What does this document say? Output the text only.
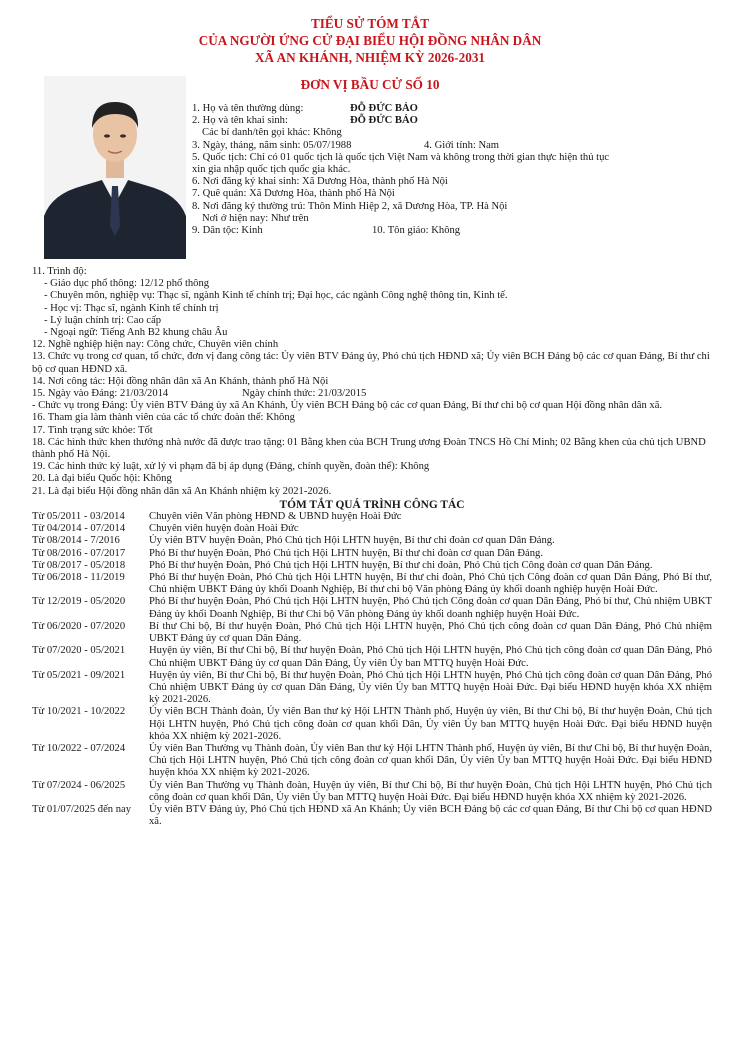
TIỂU SỬ TÓM TẮT
CỦA NGƯỜI ỨNG CỬ ĐẠI BIỂU HỘI ĐỒNG NHÂN DÂN
XÃ AN KHÁNH, NHIỆM KỲ 2026-2031
ĐƠN VỊ BẦU CỬ SỐ 10
1. Họ và tên thường dùng:	ĐỖ ĐỨC BẢO
2. Họ và tên khai sinh:	ĐỖ ĐỨC BẢO
Các bí danh/tên gọi khác: Không
3. Ngày, tháng, năm sinh: 05/07/1988	4. Giới tính: Nam
5. Quốc tịch: Chỉ có 01 quốc tịch là quốc tịch Việt Nam và không trong thời gian thực hiện thủ tục
xin gia nhập quốc tịch quốc gia khác.
6. Nơi đăng ký khai sinh: Xã Dương Hòa, thành phố Hà Nội
7. Quê quán: Xã Dương Hòa, thành phố Hà Nội
8. Nơi đăng ký thường trú: Thôn Minh Hiệp 2, xã Dương Hòa, TP. Hà Nội
Nơi ở hiện nay: Như trên
9. Dân tộc: Kinh	10. Tôn giáo: Không

11. Trình độ:

- Giáo dục phổ thông: 12/12 phổ thông

- Chuyên môn, nghiệp vụ: Thạc sĩ, ngành Kinh tế chính trị; Đại học, các ngành Công nghệ thông tin, Kinh tế.

- Học vị: Thạc sĩ, ngành Kinh tế chính trị

- Lý luận chính trị: Cao cấp

- Ngoại ngữ: Tiếng Anh B2 khung châu Âu

12. Nghề nghiệp hiện nay: Công chức, Chuyên viên chính

13. Chức vụ trong cơ quan, tổ chức, đơn vị đang công tác: Ủy viên BTV Đảng ủy, Phó chủ tịch HĐND xã; Ủy viên BCH Đảng bộ các cơ quan Đảng, Bí thư chi bộ cơ quan HĐND xã.

14. Nơi công tác: Hội đồng nhân dân xã An Khánh, thành phố Hà Nội

15. Ngày vào Đảng: 21/03/2014	Ngày chính thức: 21/03/2015

- Chức vụ trong Đảng: Ủy viên BTV Đảng ủy xã An Khánh, Ủy viên BCH Đảng bộ các cơ quan Đảng, Bí thư chi bộ cơ quan Hội đồng nhân dân xã.

16. Tham gia làm thành viên của các tổ chức đoàn thể: Không

17. Tình trạng sức khỏe: Tốt

18. Các hình thức khen thưởng nhà nước đã được trao tặng: 01 Bằng khen của BCH Trung ương Đoàn TNCS Hồ Chí Minh; 02 Bằng khen của chủ tịch UBND thành phố Hà Nội.

19. Các hình thức kỷ luật, xử lý vi phạm đã bị áp dụng (Đảng, chính quyền, đoàn thể): Không

20. Là đại biểu Quốc hội: Không

21. Là đại biểu Hội đồng nhân dân xã An Khánh nhiệm kỳ 2021-2026.

TÓM TẮT QUÁ TRÌNH CÔNG TÁC
Từ 05/2011 - 03/2014	Chuyên viên Văn phòng HĐND & UBND huyện Hoài Đức
Từ 04/2014 - 07/2014	Chuyên viên huyện đoàn Hoài Đức
Từ 08/2014 - 7/2016	Ủy viên BTV huyện Đoàn, Phó Chủ tịch Hội LHTN huyện, Bí thư chi đoàn cơ quan Dân Đảng.
Từ 08/2016 - 07/2017	Phó Bí thư huyện Đoàn, Phó Chủ tịch Hội LHTN huyện, Bí thư chi đoàn cơ quan Dân Đảng.
Từ 08/2017 - 05/2018	Phó Bí thư huyện Đoàn, Phó Chủ tịch Hội LHTN huyện, Bí thư chi đoàn, Phó Chủ tịch Công đoàn cơ quan Dân Đảng.
Từ 06/2018 - 11/2019	Phó Bí thư huyện Đoàn, Phó Chủ tịch Hội LHTN huyện, Bí thư chi đoàn, Phó Chủ tịch Công đoàn cơ quan Dân Đảng, Phó Bí thư, Chủ nhiệm UBKT Đảng ủy khối Doanh Nghiệp, Bí thư chi bộ Văn phòng Đảng ủy khối doanh nghiệp huyện Hoài Đức.
Từ 12/2019 - 05/2020	Phó Bí thư huyện Đoàn, Phó Chủ tịch Hội LHTN huyện, Phó Chủ tịch Công đoàn cơ quan Dân Đảng, Phó bí thư, Chủ nhiệm UBKT Đảng ủy khối Doanh Nghiệp, Bí thư Chi bộ Văn phòng Đảng ủy khối doanh nghiệp huyện Hoài Đức.
Từ 06/2020 - 07/2020	Bí thư Chi bộ, Bí thư huyện Đoàn, Phó Chủ tịch Hội LHTN huyện, Phó Chủ tịch công đoàn cơ quan Dân Đảng, Phó Chủ nhiệm UBKT Đảng ủy cơ quan Dân Đảng.
Từ 07/2020 - 05/2021	Huyện ủy viên, Bí thư Chi bộ, Bí thư huyện Đoàn, Phó Chủ tịch Hội LHTN huyện, Phó Chủ tịch công đoàn cơ quan Dân Đảng, Phó Chủ nhiệm UBKT Đảng ủy cơ quan Dân Đảng, Ủy viên Ủy ban MTTQ huyện Hoài Đức.
Từ 05/2021 - 09/2021	Huyện ủy viên, Bí thư Chi bộ, Bí thư huyện Đoàn, Phó Chủ tịch Hội LHTN huyện, Phó Chủ tịch công đoàn cơ quan Dân Đảng, Phó Chủ nhiệm UBKT Đảng ủy cơ quan Dân Đảng, Ủy viên Ủy ban MTTQ huyện Hoài Đức. Đại biểu HĐND huyện khóa XX nhiệm kỳ 2021-2026.
Từ 10/2021 - 10/2022	Ủy viên BCH Thành đoàn, Ủy viên Ban thư ký Hội LHTN Thành phố, Huyện ủy viên, Bí thư Chi bộ, Bí thư huyện Đoàn, Chủ tịch Hội LHTN huyện, Phó Chủ tịch công đoàn cơ quan khối Dân, Ủy viên Ủy ban MTTQ huyện Hoài Đức. Đại biểu HĐND huyện khóa XX nhiệm kỳ 2021-2026.
Từ 10/2022 - 07/2024	Ủy viên Ban Thường vụ Thành đoàn, Ủy viên Ban thư ký Hội LHTN Thành phố, Huyện ủy viên, Bí thư Chi bộ, Bí thư huyện Đoàn, Chủ tịch Hội LHTN huyện, Phó Chủ tịch công đoàn cơ quan khối Dân, Ủy viên Ủy ban MTTQ huyện Hoài Đức. Đại biểu HĐND huyện khóa XX nhiệm kỳ 2021-2026.
Từ 07/2024 - 06/2025	Ủy viên Ban Thường vụ Thành đoàn, Huyện ủy viên, Bí thư Chi bộ, Bí thư huyện Đoàn, Chủ tịch Hội LHTN huyện, Phó Chủ tịch công đoàn cơ quan khối Dân, Ủy viên Ủy ban MTTQ huyện Hoài Đức. Đại biểu HĐND huyện khóa XX nhiệm kỳ 2021-2026.
Từ 01/07/2025 đến nay	Ủy viên BTV Đảng ủy, Phó Chủ tịch HĐND xã An Khánh; Ủy viên BCH Đảng bộ các cơ quan Đảng, Bí thư Chi bộ cơ quan HĐND xã.
